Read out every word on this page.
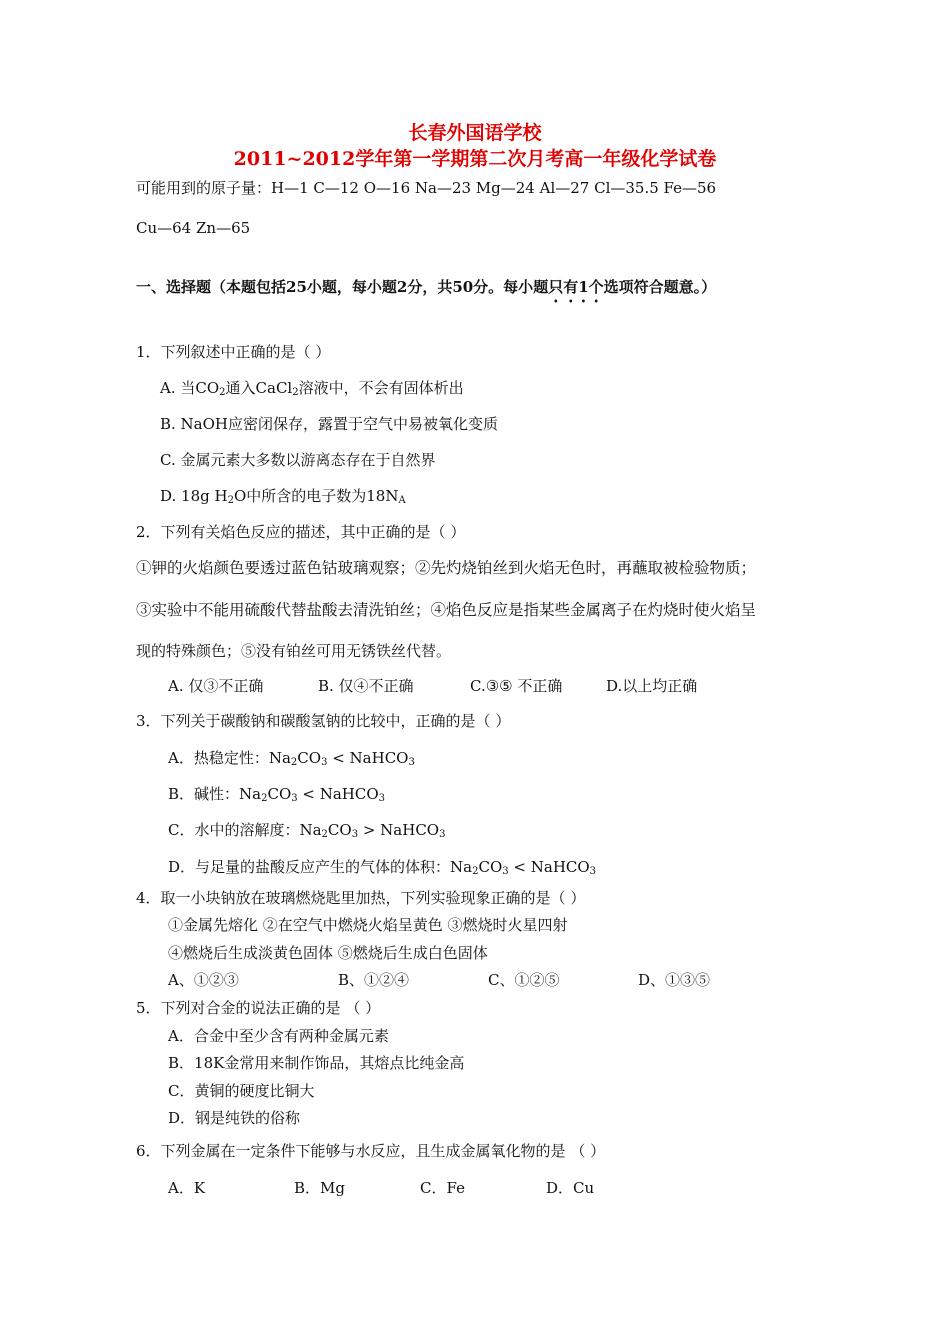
长春外国语学校
2011~2012学年第一学期第二次月考高一年级化学试卷
可能用到的原子量：H—1 C—12 O—16 Na—23 Mg—24 Al—27 Cl—35.5 Fe—56
Cu—64 Zn—65
一、选择题（本题包括25小题，每小题2分，共50分。每小题只有1个选项符合题意。）
1．下列叙述中正确的是（ ）
A. 当$CO_2$通入CaCl$_2$溶液中，不会有固体析出
B. NaOH应密闭保存，露置于空气中易被氧化变质
C. 金属元素大多数以游离态存在于自然界
D. 18g $H_2O$中所含的电子数为$18N_A$
2．下列有关焰色反应的描述，其中正确的是（ ）
①钾的火焰颜色要透过蓝色钴玻璃观察；②先灼烧铂丝到火焰无色时，再蘸取被检验物质；
③实验中不能用硫酸代替盐酸去清洗铂丝；④焰色反应是指某些金属离子在灼烧时使火焰呈
现的特殊颜色；⑤没有铂丝可用无锈铁丝代替。
A. 仅③不正确	B. 仅④不正确	C.③⑤ 不正确	D.以上均正确
3．下列关于碳酸钠和碳酸氢钠的比较中，正确的是（ ）
A．热稳定性：$Na_2CO_3$ < NaHCO$_3$
B．碱性：$Na_2CO_3$ < NaHCO$_3$
C．水中的溶解度：$Na_2CO_3$ > NaHCO$_3$
D．与足量的盐酸反应产生的气体的体积：$Na_2CO_3$ < NaHCO$_3$
4．取一小块钠放在玻璃燃烧匙里加热，下列实验现象正确的是（ ）
①金属先熔化 ②在空气中燃烧火焰呈黄色 ③燃烧时火星四射
④燃烧后生成淡黄色固体 ⑤燃烧后生成白色固体
A、①②③	B、①②④	C、①②⑤	D、①③⑤
5．下列对合金的说法正确的是 （ ）
A．合金中至少含有两种金属元素
B．18K金常用来制作饰品，其熔点比纯金高
C．黄铜的硬度比铜大
D．钢是纯铁的俗称
6．下列金属在一定条件下能够与水反应，且生成金属氧化物的是 （ ）
A．K	B．Mg	C．Fe	D．Cu
